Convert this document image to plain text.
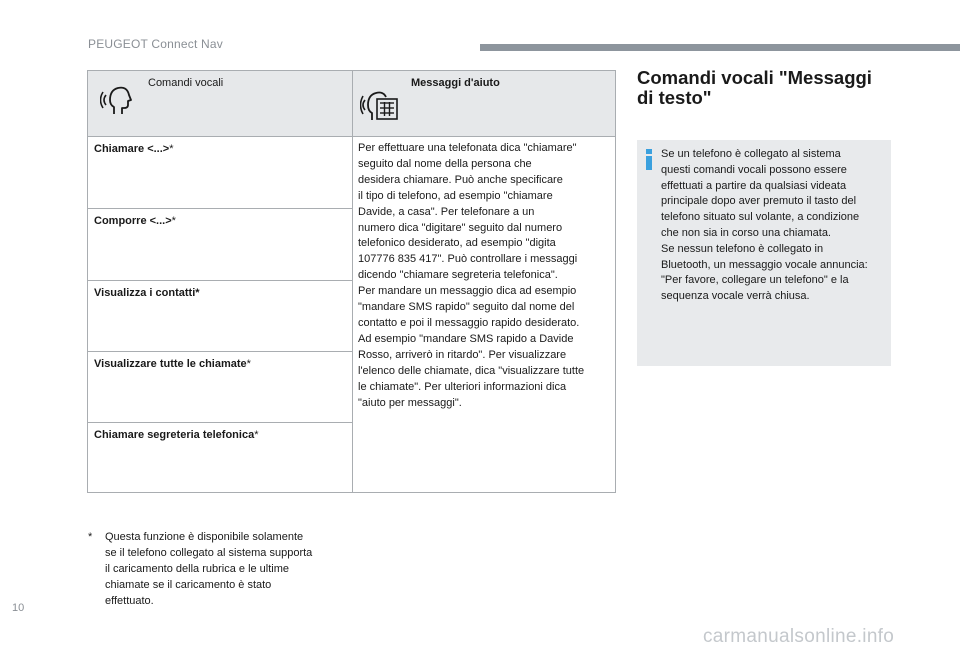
PEUGEOT Connect Nav
Comandi vocali	Messaggi d'aiuto
Chiamare <...>*
Comporre <...>*
Visualizza i contatti*
Visualizzare tutte le chiamate*
Chiamare segreteria telefonica*
Per effettuare una telefonata dica "chiamare"
seguito dal nome della persona che
desidera chiamare. Può anche specificare
il tipo di telefono, ad esempio "chiamare
Davide, a casa". Per telefonare a un
numero dica "digitare" seguito dal numero
telefonico desiderato, ad esempio "digita
107776 835 417". Può controllare i messaggi
dicendo "chiamare segreteria telefonica".
Per mandare un messaggio dica ad esempio
"mandare SMS rapido" seguito dal nome del
contatto e poi il messaggio rapido desiderato.
Ad esempio "mandare SMS rapido a Davide
Rosso, arriverò in ritardo". Per visualizzare
l'elenco delle chiamate, dica "visualizzare tutte
le chiamate". Per ulteriori informazioni dica
"aiuto per messaggi".
*	Questa funzione è disponibile solamente
se il telefono collegato al sistema supporta
il caricamento della rubrica e le ultime
chiamate se il caricamento è stato
effettuato.
Comandi vocali "Messaggi
di testo"
Se un telefono è collegato al sistema
questi comandi vocali possono essere
effettuati a partire da qualsiasi videata
principale dopo aver premuto il tasto del
telefono situato sul volante, a condizione
che non sia in corso una chiamata.
Se nessun telefono è collegato in
Bluetooth, un messaggio vocale annuncia:
"Per favore, collegare un telefono" e la
sequenza vocale verrà chiusa.
10
carmanualsonline.info
